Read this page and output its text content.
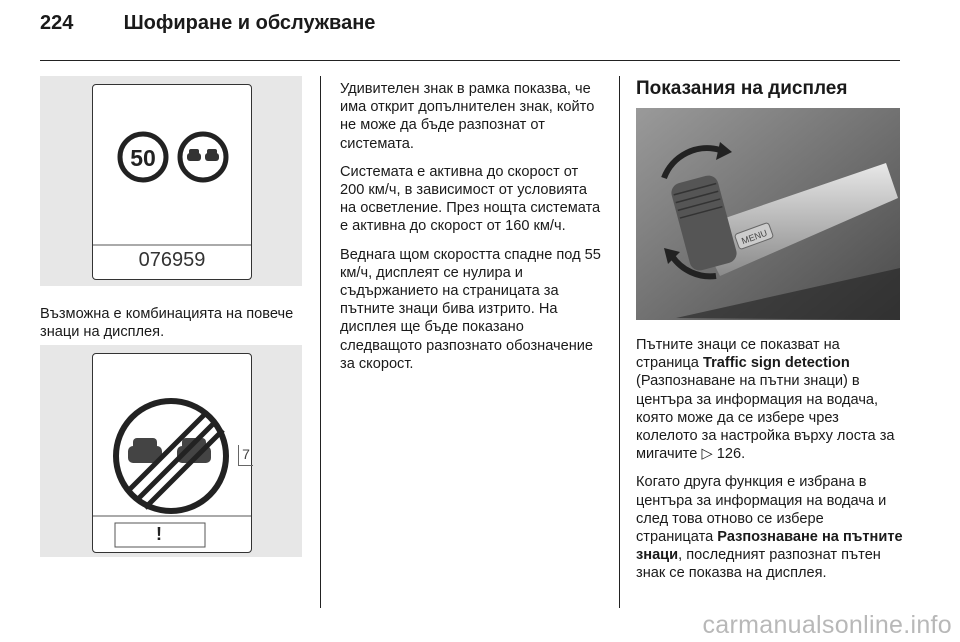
224	Шофиране и обслужване
50
076959

Възможна е комбинацията на повече знаци на дисплея.

7
!

Удивителен знак в рамка показва, че има открит допълнителен знак, който не може да бъде разпознат от системата.

Системата е активна до скорост от 200 км/ч, в зависимост от условията на осветление. През нощта системата е активна до скорост от 160 км/ч.

Веднага щом скоростта спадне под 55 км/ч, дисплеят се нулира и съдържанието на страницата за пътните знаци бива изтрито. На дисплея ще бъде показано следващото разпознато обозначение за скорост.

Показания на дисплея
MENU

Пътните знаци се показват на страница Traffic sign detection (Разпознаване на пътни знаци) в центъра за информация на водача, която може да се избере чрез колелото за настройка върху лоста за мигачите ▷ 126.

Когато друга функция е избрана в центъра за информация на водача и след това отново се избере страницата Разпознаване на пътните знаци, последният разпознат пътен знак се показва на дисплея.

carmanualsonline.info
